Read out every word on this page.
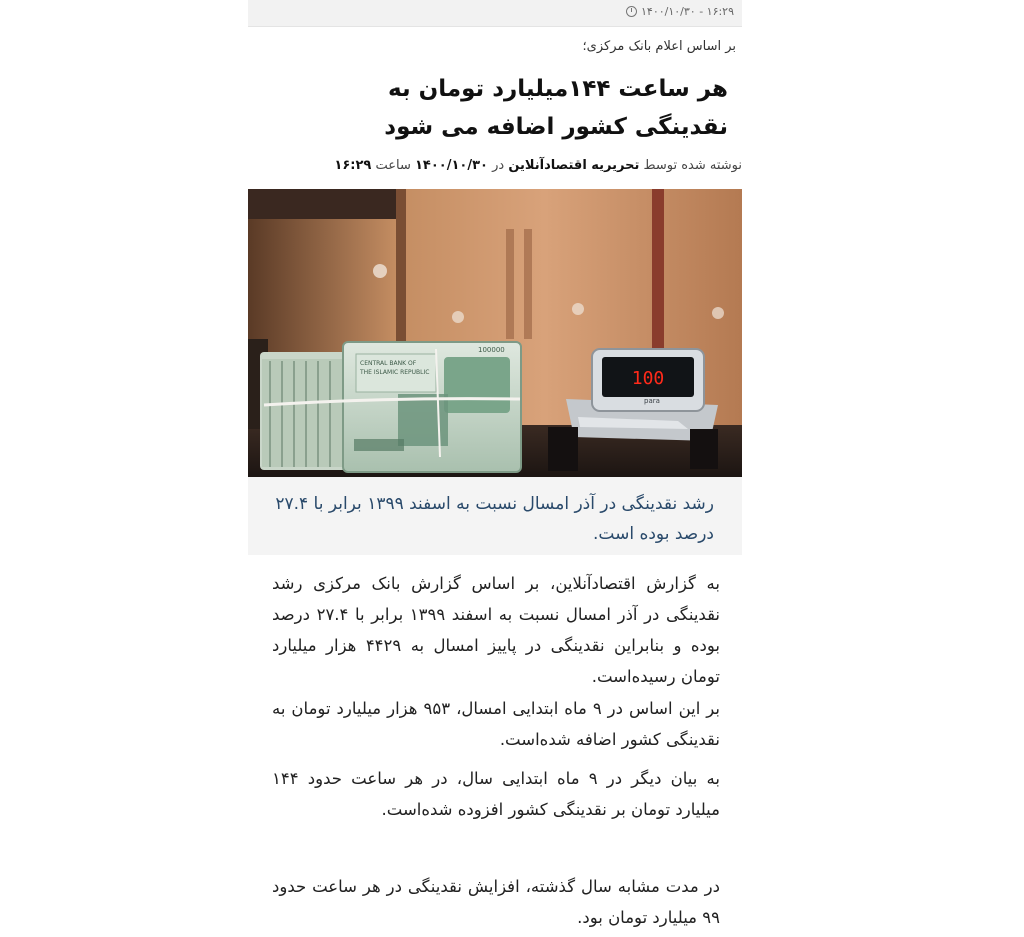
۱۴۰۰/۱۰/۳۰ - ۱۶:۲۹
بر اساس اعلام بانک مرکزی؛
هر ساعت ۱۴۴میلیارد تومان به نقدینگی کشور اضافه می شود
نوشته شده توسط تحریریه اقتصادآنلاین در ۱۴۰۰/۱۰/۳۰ ساعت ۱۶:۲۹
CENTRAL BANK OF
THE ISLAMIC REPUBLIC
100000
100
para
رشد نقدینگی در آذر امسال نسبت به اسفند ۱۳۹۹ برابر با ۲۷.۴ درصد بوده است.
به گزارش اقتصادآنلاین، بر اساس گزارش بانک مرکزی رشد نقدینگی در آذر امسال نسبت به اسفند ۱۳۹۹ برابر با ۲۷.۴ درصد بوده و بنابراین نقدینگی در پاییز امسال به ۴۴۲۹ هزار میلیارد تومان رسیده‌است.
بر این اساس در ۹ ماه ابتدایی امسال، ۹۵۳ هزار میلیارد تومان به نقدینگی کشور اضافه شده‌است.
به بیان دیگر در ۹ ماه ابتدایی سال، در هر ساعت حدود ۱۴۴ میلیارد تومان بر نقدینگی کشور افزوده شده‌است.
در مدت مشابه سال گذشته، افزایش نقدینگی در هر ساعت حدود ۹۹ میلیارد تومان بود.
